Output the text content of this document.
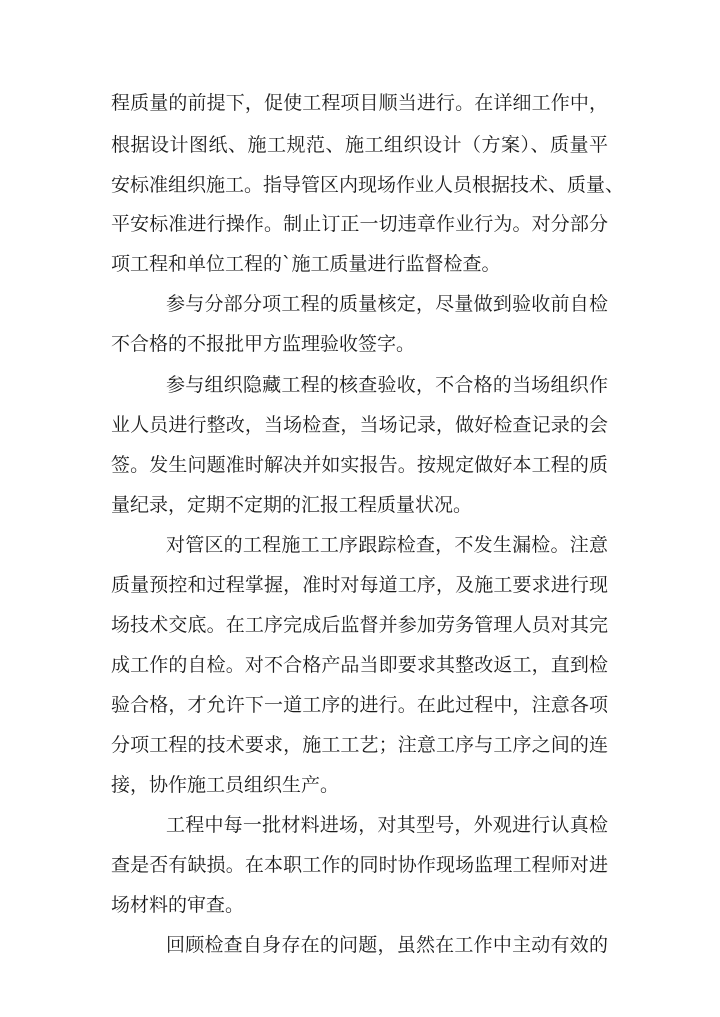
程质量的前提下，促使工程项目顺当进行。在详细工作中，
根据设计图纸、施工规范、施工组织设计（方案）、质量平
安标准组织施工。指导管区内现场作业人员根据技术、质量、
平安标准进行操作。制止订正一切违章作业行为。对分部分
项工程和单位工程的`施工质量进行监督检查。
参与分部分项工程的质量核定，尽量做到验收前自检
不合格的不报批甲方监理验收签字。
参与组织隐藏工程的核查验收，不合格的当场组织作
业人员进行整改，当场检查，当场记录，做好检查记录的会
签。发生问题准时解决并如实报告。按规定做好本工程的质
量纪录，定期不定期的汇报工程质量状况。
对管区的工程施工工序跟踪检查，不发生漏检。注意
质量预控和过程掌握，准时对每道工序，及施工要求进行现
场技术交底。在工序完成后监督并参加劳务管理人员对其完
成工作的自检。对不合格产品当即要求其整改返工，直到检
验合格，才允许下一道工序的进行。在此过程中，注意各项
分项工程的技术要求，施工工艺；注意工序与工序之间的连
接，协作施工员组织生产。
工程中每一批材料进场，对其型号，外观进行认真检
查是否有缺损。在本职工作的同时协作现场监理工程师对进
场材料的审查。
回顾检查自身存在的问题，虽然在工作中主动有效的
